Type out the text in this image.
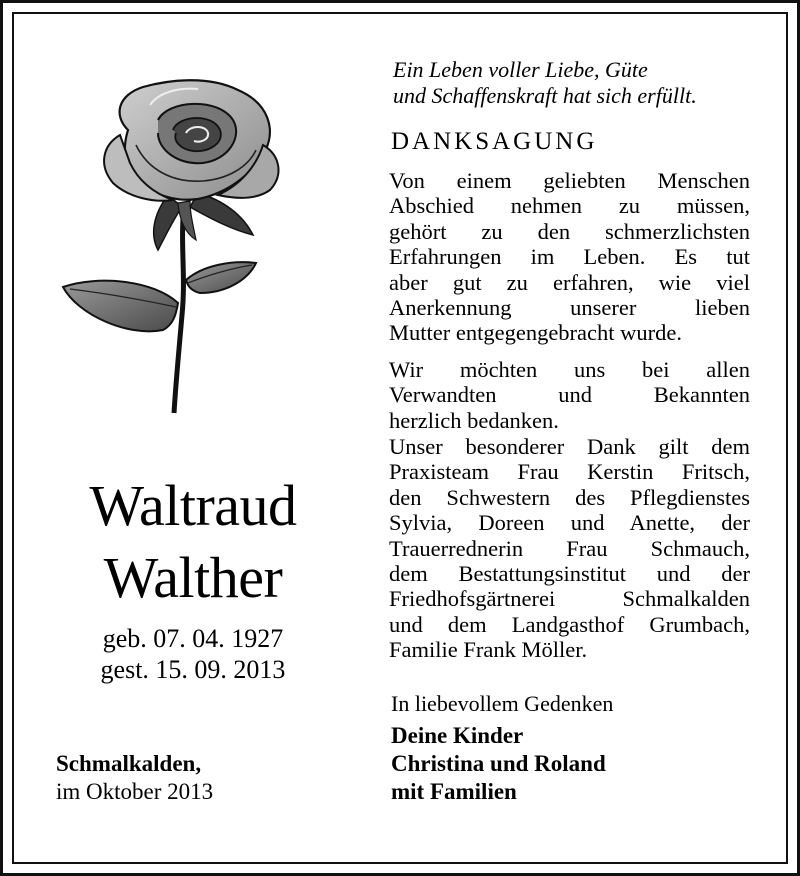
Waltraud
Walther
geb. 07. 04. 1927
gest. 15. 09. 2013
Schmalkalden,
im Oktober 2013
Ein Leben voller Liebe, Güte
und Schaffenskraft hat sich erfüllt.
DANKSAGUNG
Von einem geliebten Menschen
Abschied nehmen zu müssen,
gehört zu den schmerzlichsten
Erfahrungen im Leben. Es tut
aber gut zu erfahren, wie viel
Anerkennung unserer lieben
Mutter entgegengebracht wurde.
Wir möchten uns bei allen
Verwandten und Bekannten
herzlich bedanken.
Unser besonderer Dank gilt dem
Praxisteam Frau Kerstin Fritsch,
den Schwestern des Pflegdienstes
Sylvia, Doreen und Anette, der
Trauerrednerin Frau Schmauch,
dem Bestattungsinstitut und der
Friedhofsgärtnerei Schmalkalden
und dem Landgasthof Grumbach,
Familie Frank Möller.
In liebevollem Gedenken
Deine Kinder
Christina und Roland
mit Familien
